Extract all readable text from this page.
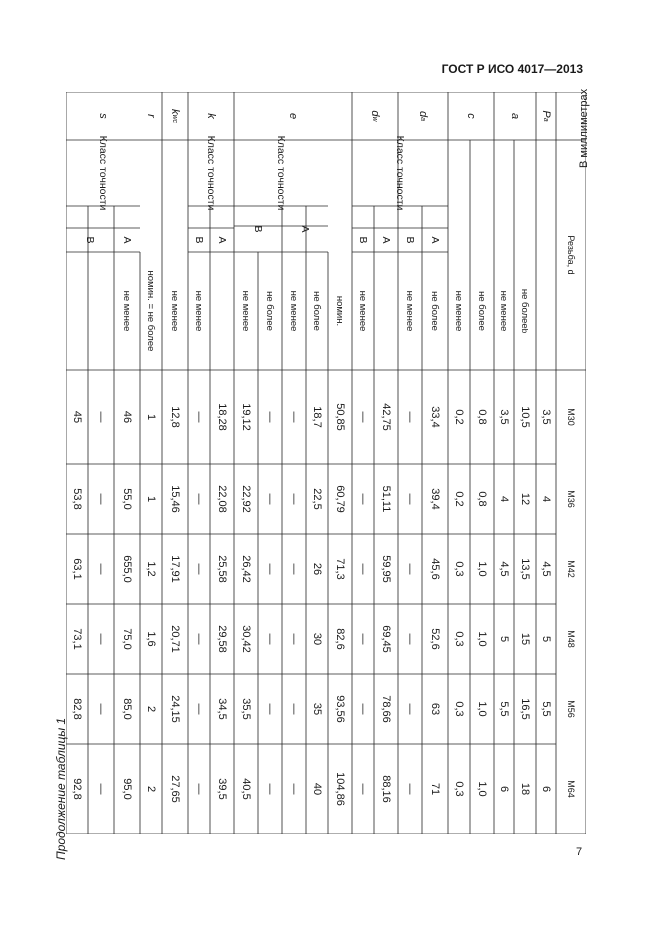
ГОСТ Р ИСО 4017—2013
Продолжение таблицы 1
В миллиметрах
7
Резьба, d
M30
M36
M42
M48
M56
M64
P
a
a
c
d
a
d
w
e
k
k
w
c
r
s
не более
b
не менее
не более
не менее
не более
Класс точности
A
B
не менее
A
B
не менее
номин.
Класс точности
A
B
не более
не менее
не более
не менее
Класс точности
A
B
не менее
не менее
номин. = не более
Класс точности
A
B
не менее
3,5
4
4,5
5
5,5
6
10,5
12
13,5
15
16,5
18
3,5
4
4,5
5
5,5
6
0,8
0,8
1,0
1,0
1,0
1,0
0,2
0,2
0,3
0,3
0,3
0,3
33,4
39,4
45,6
52,6
63
71
—
—
—
—
—
—
42,75
51,11
59,95
69,45
78,66
88,16
—
—
—
—
—
—
50,85
60,79
71,3
82,6
93,56
104,86
18,7
22,5
26
30
35
40
—
—
—
—
—
—
—
—
—
—
—
—
19,12
22,92
26,42
30,42
35,5
40,5
18,28
22,08
25,58
29,58
34,5
39,5
—
—
—
—
—
—
12,8
15,46
17,91
20,71
24,15
27,65
1
1
1,2
1,6
2
2
46
55,0
655,0
75,0
85,0
95,0
—
—
—
—
—
—
45
53,8
63,1
73,1
82,8
92,8
